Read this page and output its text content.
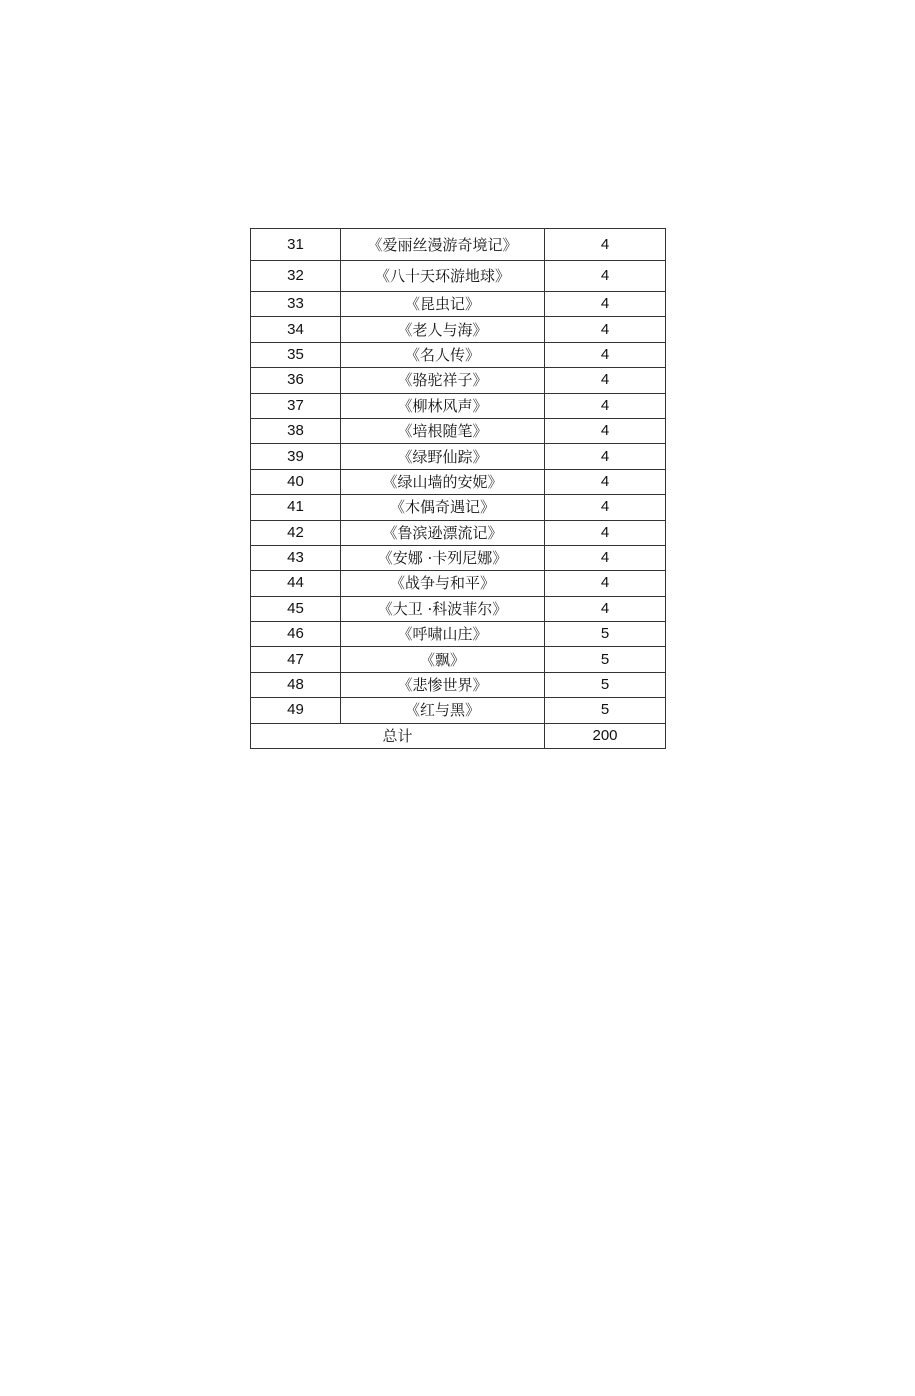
31	《爱丽丝漫游奇境记》	4
32	《八十天环游地球》	4
33	《昆虫记》	4
34	《老人与海》	4
35	《名人传》	4
36	《骆驼祥子》	4
37	《柳林风声》	4
38	《培根随笔》	4
39	《绿野仙踪》	4
40	《绿山墙的安妮》	4
41	《木偶奇遇记》	4
42	《鲁滨逊漂流记》	4
43	《安娜 ·卡列尼娜》	4
44	《战争与和平》	4
45	《大卫 ·科波菲尔》	4
46	《呼啸山庄》	5
47	《飘》	5
48	《悲惨世界》	5
49	《红与黑》	5
总计		200
